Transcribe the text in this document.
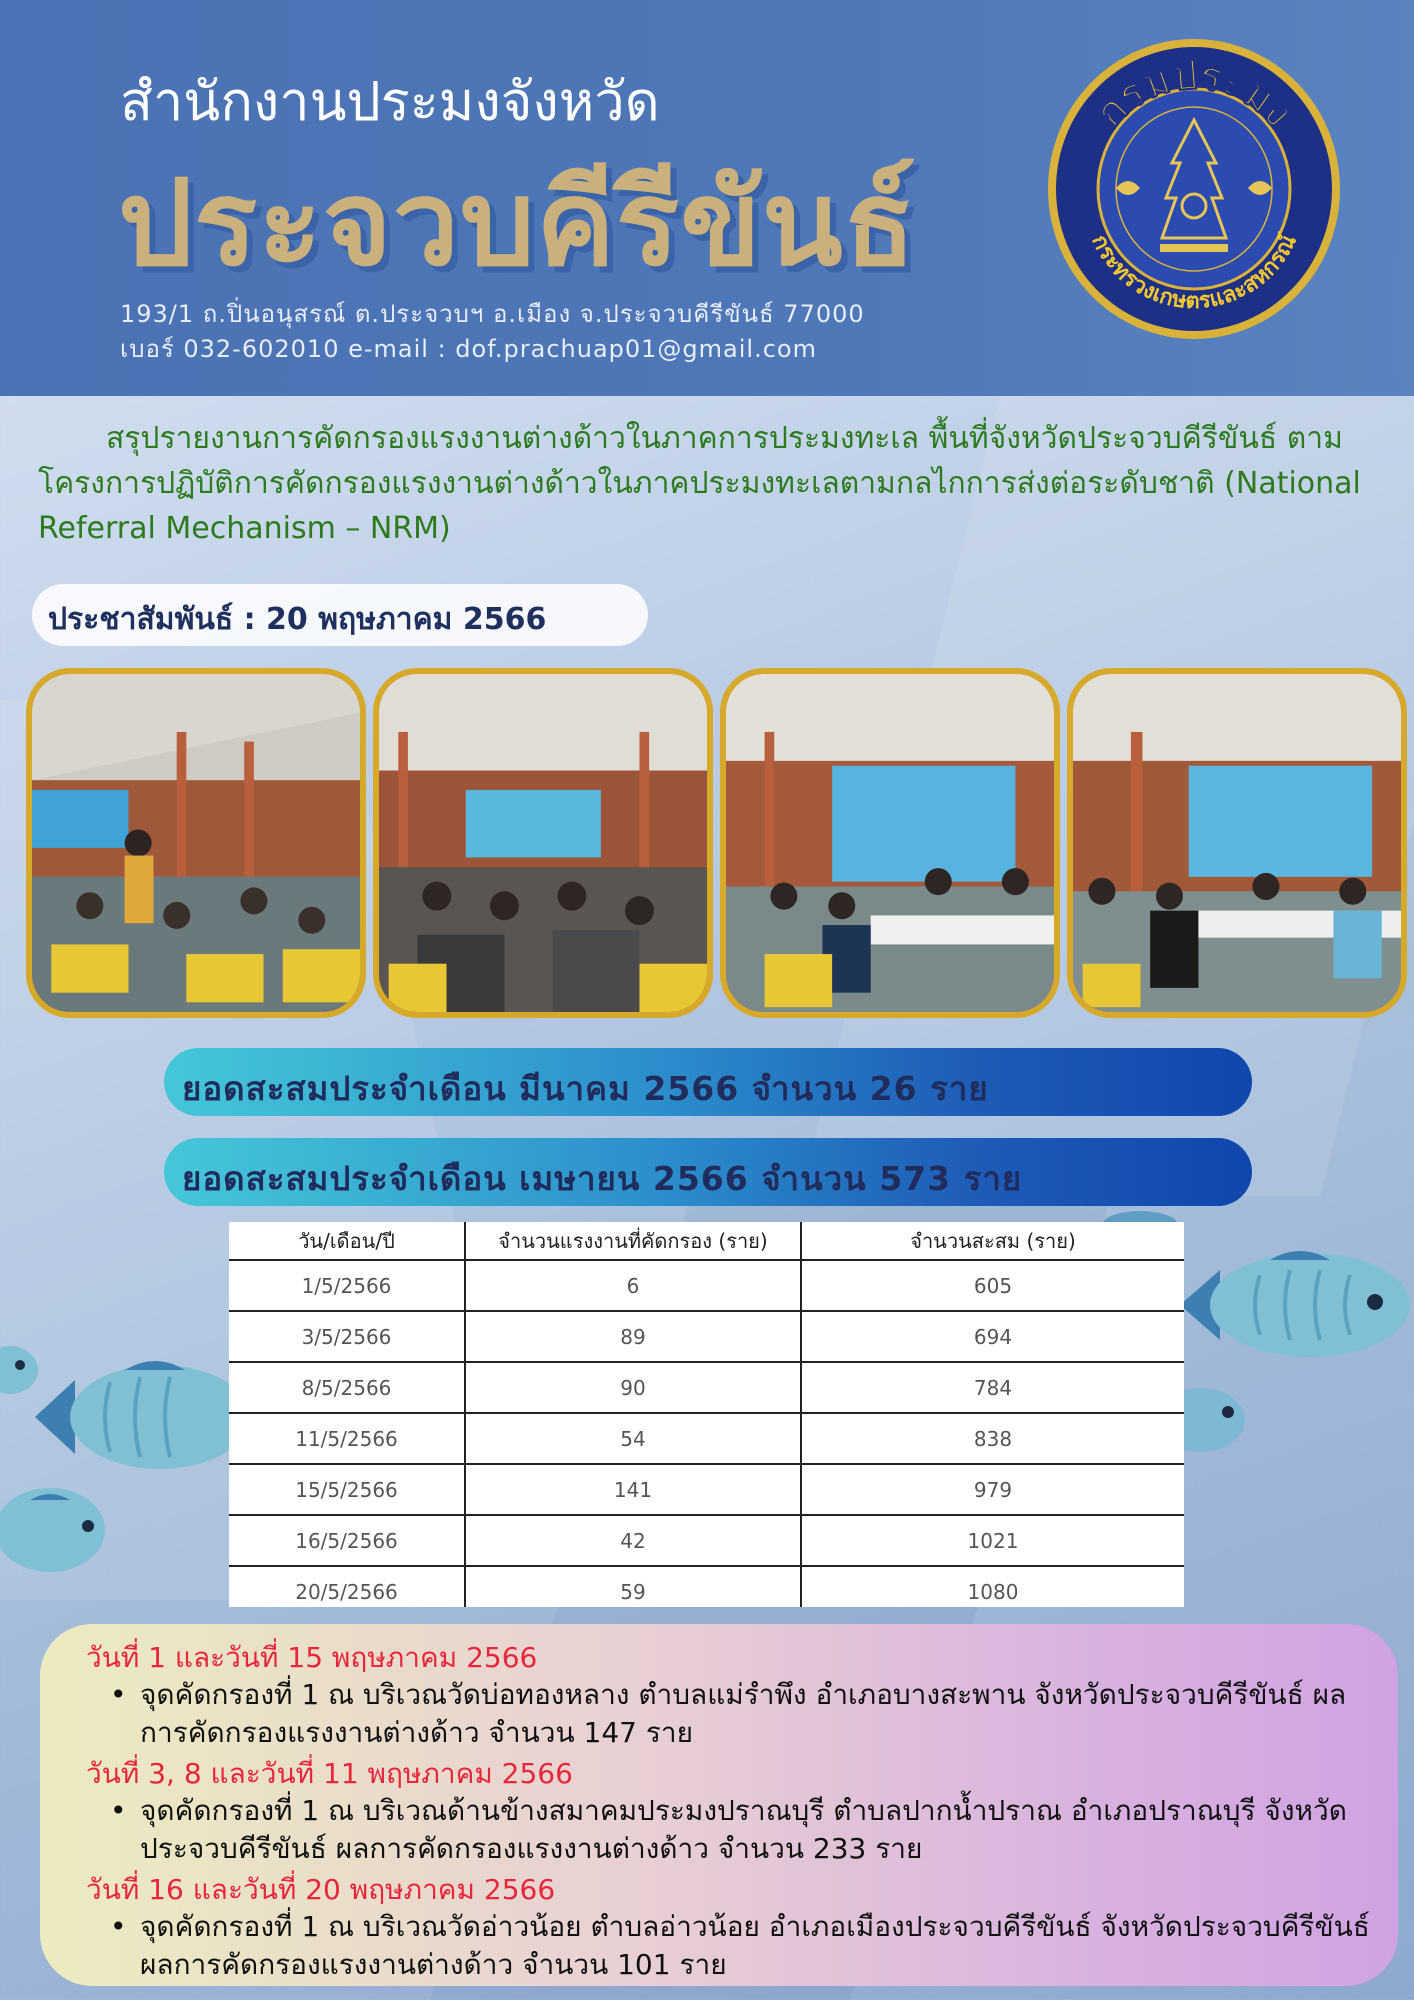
สำนักงานประมงจังหวัด
ประจวบคีรีขันธ์
193/1 ถ.ปิ่นอนุสรณ์ ต.ประจวบฯ อ.เมือง จ.ประจวบคีรีขันธ์ 77000
เบอร์ 032-602010 e-mail : dof.prachuap01@gmail.com
กรมประมง
กระทรวงเกษตรและสหกรณ์
สรุปรายงานการคัดกรองแรงงานต่างด้าวในภาคการประมงทะเล พื้นที่จังหวัดประจวบคีรีขันธ์ ตามโครงการปฏิบัติการคัดกรองแรงงานต่างด้าวในภาคประมงทะเลตามกลไกการส่งต่อระดับชาติ (National Referral Mechanism – NRM)
ประชาสัมพันธ์ : 20 พฤษภาคม 2566
ยอดสะสมประจำเดือน มีนาคม 2566 จำนวน 26 ราย
ยอดสะสมประจำเดือน เมษายน 2566 จำนวน 573 ราย
วัน/เดือน/ปี	จำนวนแรงงานที่คัดกรอง (ราย)	จำนวนสะสม (ราย)
1/5/2566	6	605
3/5/2566	89	694
8/5/2566	90	784
11/5/2566	54	838
15/5/2566	141	979
16/5/2566	42	1021
20/5/2566	59	1080
วันที่ 1 และวันที่ 15 พฤษภาคม 2566
• จุดคัดกรองที่ 1 ณ บริเวณวัดบ่อทองหลาง ตำบลแม่รำพึง อำเภอบางสะพาน จังหวัดประจวบคีรีขันธ์ ผลการคัดกรองแรงงานต่างด้าว จำนวน 147 ราย
วันที่ 3, 8 และวันที่ 11 พฤษภาคม 2566
• จุดคัดกรองที่ 1 ณ บริเวณด้านข้างสมาคมประมงปราณบุรี ตำบลปากน้ำปราณ อำเภอปราณบุรี จังหวัดประจวบคีรีขันธ์ ผลการคัดกรองแรงงานต่างด้าว จำนวน 233 ราย
วันที่ 16 และวันที่ 20 พฤษภาคม 2566
• จุดคัดกรองที่ 1 ณ บริเวณวัดอ่าวน้อย ตำบลอ่าวน้อย อำเภอเมืองประจวบคีรีขันธ์ จังหวัดประจวบคีรีขันธ์ ผลการคัดกรองแรงงานต่างด้าว จำนวน 101 ราย
